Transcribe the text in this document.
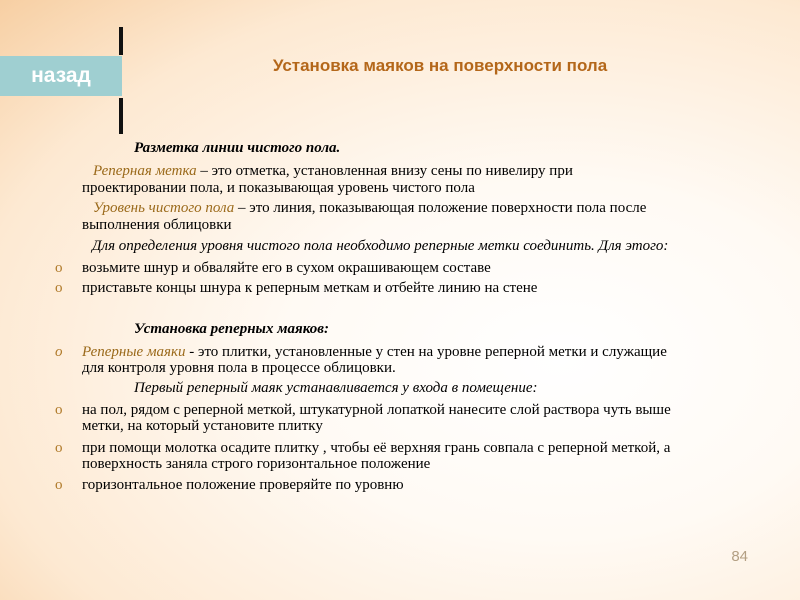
назад	Установка маяков на поверхности пола
Разметка линии чистого пола.
Реперная метка – это отметка, установленная внизу сены по нивелиру при
проектировании пола, и показывающая уровень чистого пола
Уровень чистого пола – это линия, показывающая положение поверхности пола после
выполнения облицовки
Для определения уровня чистого пола необходимо реперные метки соединить. Для этого:
o возьмите шнур и обваляйте его в сухом окрашивающем составе
o приставьте концы шнура к реперным меткам и отбейте линию на стене
Установка реперных маяков:
o Реперные маяки - это плитки, установленные у стен на уровне реперной метки и служащие
для контроля уровня пола в процессе облицовки.
Первый реперный маяк устанавливается у входа в помещение:
o на пол, рядом с реперной меткой, штукатурной лопаткой нанесите слой раствора чуть выше
метки, на который установите плитку
o при помощи молотка осадите плитку , чтобы её верхняя грань совпала с реперной меткой, а
поверхность заняла строго горизонтальное положение
o горизонтальное положение проверяйте по уровню
84
